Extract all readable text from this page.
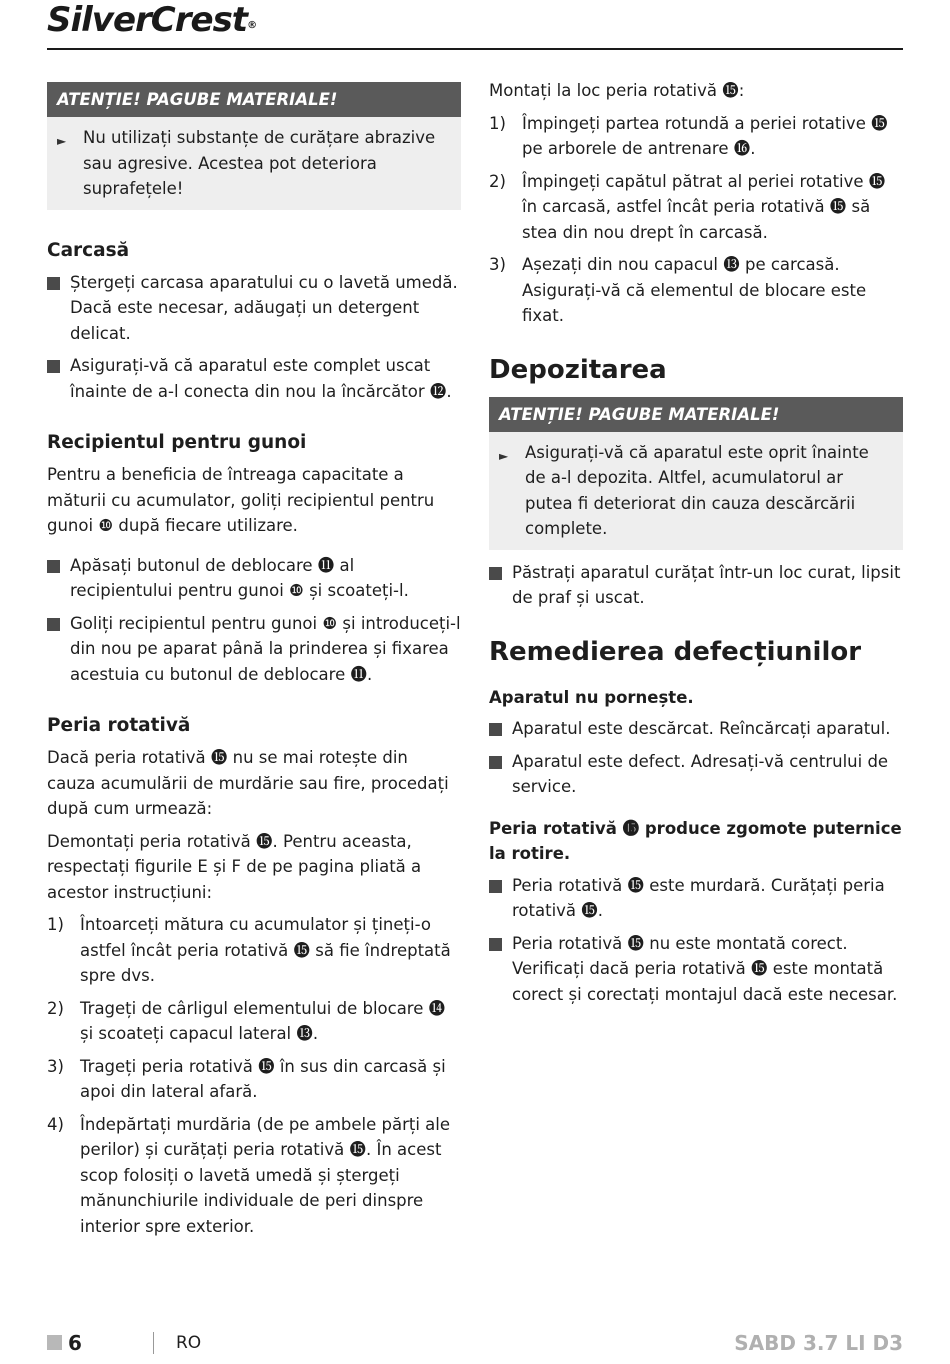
SilverCrest®
ATENȚIE! PAGUBE MATERIALE!
► Nu utilizați substanțe de curățare abrazive sau agresive. Acestea pot deteriora suprafețele!
Carcasă
Ștergeți carcasa aparatului cu o lavetă umedă. Dacă este necesar, adăugați un detergent delicat.
Asigurați-vă că aparatul este complet uscat înainte de a-l conecta din nou la încărcător ⓬.
Recipientul pentru gunoi

Pentru a beneficia de întreaga capacitate a măturii cu acumulator, goliți recipientul pentru gunoi ❿ după fiecare utilizare.

Apăsați butonul de deblocare ⓫ al recipientului pentru gunoi ❿ și scoateți-l.
Goliți recipientul pentru gunoi ❿ și introduceți-l din nou pe aparat până la prinderea și fixarea acestuia cu butonul de deblocare ⓫.
Peria rotativă

Dacă peria rotativă ⓯ nu se mai rotește din cauza acumulării de murdărie sau fire, procedați după cum urmează:

Demontați peria rotativă ⓯. Pentru aceasta, respectați figurile E și F de pe pagina pliată a acestor instrucțiuni:

1) Întoarceți mătura cu acumulator și țineți-o astfel încât peria rotativă ⓯ să fie îndreptată spre dvs.
2) Trageți de cârligul elementului de blocare ⓮ și scoateți capacul lateral ⓭.
3) Trageți peria rotativă ⓯ în sus din carcasă și apoi din lateral afară.
4) Îndepărtați murdăria (de pe ambele părți ale perilor) și curățați peria rotativă ⓯. În acest scop folosiți o lavetă umedă și ștergeți mănunchiurile individuale de peri dinspre interior spre exterior.

Montați la loc peria rotativă ⓯:

1) Împingeți partea rotundă a periei rotative ⓯ pe arborele de antrenare ⓰.
2) Împingeți capătul pătrat al periei rotative ⓯ în carcasă, astfel încât peria rotativă ⓯ să stea din nou drept în carcasă.
3) Așezați din nou capacul ⓭ pe carcasă. Asigurați-vă că elementul de blocare este fixat.
Depozitarea
ATENȚIE! PAGUBE MATERIALE!
► Asigurați-vă că aparatul este oprit înainte de a-l depozita. Altfel, acumulatorul ar putea fi deteriorat din cauza descărcării complete.
Păstrați aparatul curățat într-un loc curat, lipsit de praf și uscat.
Remedierea defecțiunilor
Aparatul nu pornește.
Aparatul este descărcat. Reîncărcați aparatul.
Aparatul este defect. Adresați-vă centrului de service.
Peria rotativă ⓯ produce zgomote puternice la rotire.
Peria rotativă ⓯ este murdară. Curățați peria rotativă ⓯.
Peria rotativă ⓯ nu este montată corect. Verificați dacă peria rotativă ⓯ este montată corect și corectați montajul dacă este necesar.
6	RO	SABD 3.7 LI D3
